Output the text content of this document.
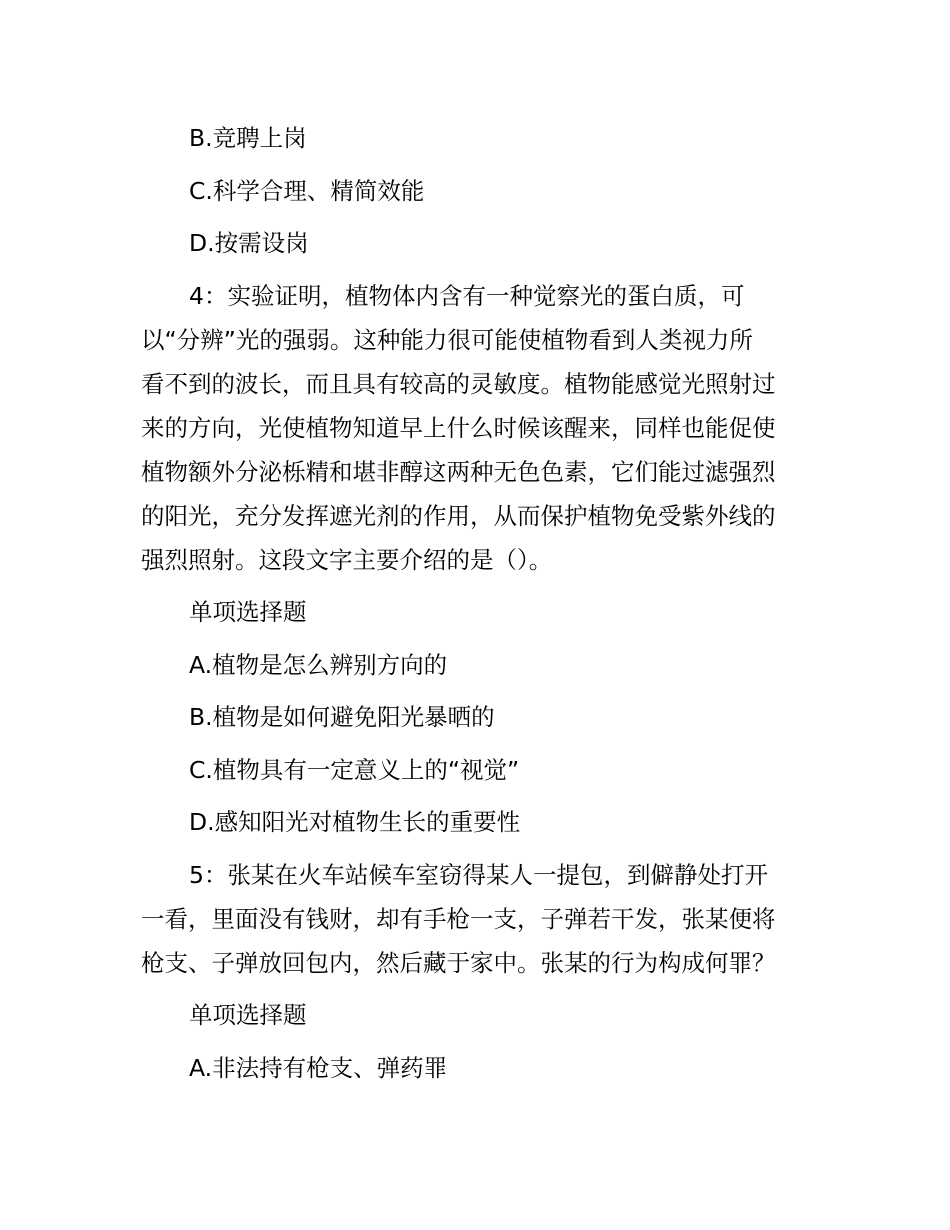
B.竞聘上岗

C.科学合理、精简效能

D.按需设岗

4：实验证明，植物体内含有一种觉察光的蛋白质，可
以“分辨”光的强弱。这种能力很可能使植物看到人类视力所
看不到的波长，而且具有较高的灵敏度。植物能感觉光照射过
来的方向，光使植物知道早上什么时候该醒来，同样也能促使
植物额外分泌栎精和堪非醇这两种无色色素，它们能过滤强烈
的阳光，充分发挥遮光剂的作用，从而保护植物免受紫外线的
强烈照射。这段文字主要介绍的是（）。

单项选择题

A.植物是怎么辨别方向的

B.植物是如何避免阳光暴晒的

C.植物具有一定意义上的“视觉”

D.感知阳光对植物生长的重要性

5：张某在火车站候车室窃得某人一提包，到僻静处打开
一看，里面没有钱财，却有手枪一支，子弹若干发，张某便将
枪支、子弹放回包内，然后藏于家中。张某的行为构成何罪？

单项选择题

A.非法持有枪支、弹药罪
